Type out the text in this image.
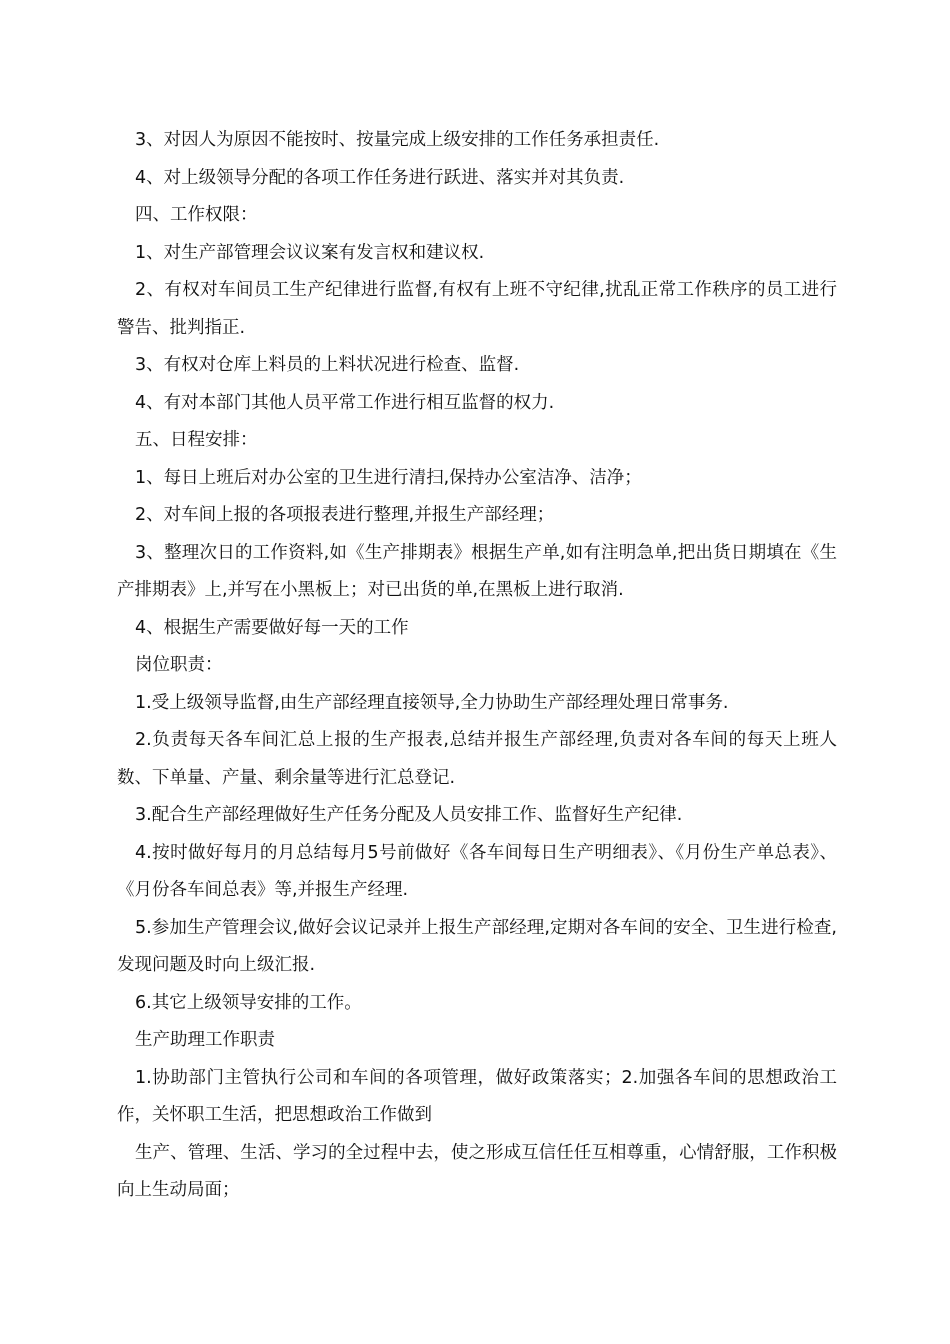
3、对因人为原因不能按时、按量完成上级安排的工作任务承担责任.

4、对上级领导分配的各项工作任务进行跃进、落实并对其负责.

四、工作权限：

1、对生产部管理会议议案有发言权和建议权.

2、有权对车间员工生产纪律进行监督,有权有上班不守纪律,扰乱正常工作秩序的员工进行警告、批判指正.

3、有权对仓库上料员的上料状况进行检查、监督.

4、有对本部门其他人员平常工作进行相互监督的权力.

五、日程安排：

1、每日上班后对办公室的卫生进行清扫,保持办公室洁净、洁净；

2、对车间上报的各项报表进行整理,并报生产部经理；

3、整理次日的工作资料,如《生产排期表》根据生产单,如有注明急单,把出货日期填在《生产排期表》上,并写在小黑板上；对已出货的单,在黑板上进行取消.

4、根据生产需要做好每一天的工作

岗位职责：

1.受上级领导监督,由生产部经理直接领导,全力协助生产部经理处理日常事务.

2.负责每天各车间汇总上报的生产报表,总结并报生产部经理,负责对各车间的每天上班人数、下单量、产量、剩余量等进行汇总登记.

3.配合生产部经理做好生产任务分配及人员安排工作、监督好生产纪律.

4.按时做好每月的月总结每月5号前做好《各车间每日生产明细表》、《月份生产单总表》、《月份各车间总表》等,并报生产经理.

5.参加生产管理会议,做好会议记录并上报生产部经理,定期对各车间的安全、卫生进行检查,发现问题及时向上级汇报.

6.其它上级领导安排的工作。

生产助理工作职责

1.协助部门主管执行公司和车间的各项管理，做好政策落实；2.加强各车间的思想政治工作，关怀职工生活，把思想政治工作做到

生产、管理、生活、学习的全过程中去，使之形成互信任任互相尊重，心情舒服，工作积极向上生动局面；
